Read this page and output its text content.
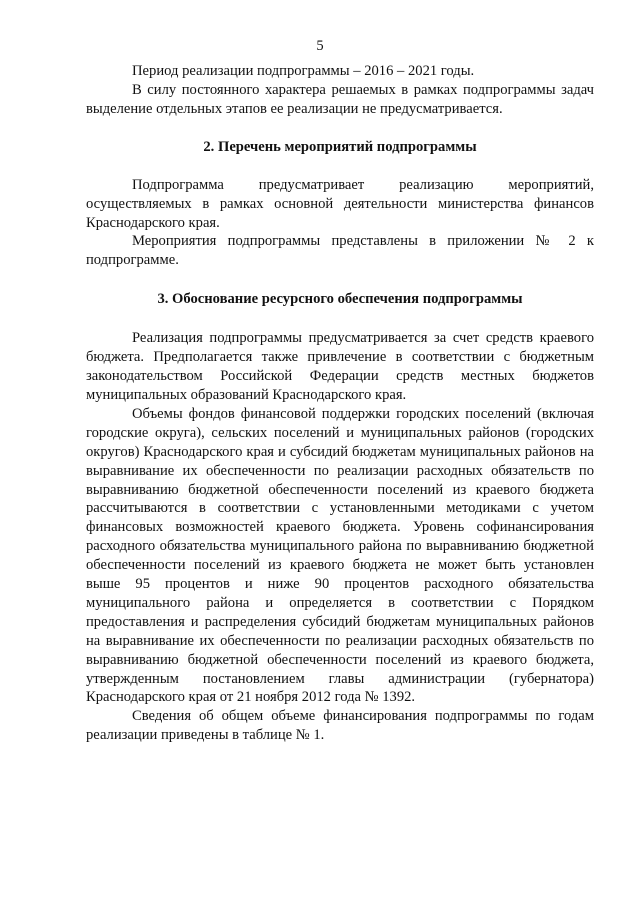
5

Период реализации подпрограммы – 2016 – 2021 годы.

В силу постоянного характера решаемых в рамках подпрограммы задач выделение отдельных этапов ее реализации не предусматривается.

2. Перечень мероприятий подпрограммы

Подпрограмма предусматривает реализацию мероприятий, осуществляемых в рамках основной деятельности министерства финансов Краснодарского края.

Мероприятия подпрограммы представлены в приложении № 2 к подпрограмме.

3. Обоснование ресурсного обеспечения подпрограммы

Реализация подпрограммы предусматривается за счет средств краевого бюджета. Предполагается также привлечение в соответствии с бюджетным законодательством Российской Федерации средств местных бюджетов муниципальных образований Краснодарского края.

Объемы фондов финансовой поддержки городских поселений (включая городские округа), сельских поселений и муниципальных районов (городских округов) Краснодарского края и субсидий бюджетам муниципальных районов на выравнивание их обеспеченности по реализации расходных обязательств по выравниванию бюджетной обеспеченности поселений из краевого бюджета рассчитываются в соответствии с установленными методиками с учетом финансовых возможностей краевого бюджета. Уровень софинансирования расходного обязательства муниципального района по выравниванию бюджетной обеспеченности поселений из краевого бюджета не может быть установлен выше 95 процентов и ниже 90 процентов расходного обязательства муниципального района и определяется в соответствии с Порядком предоставления и распределения субсидий бюджетам муниципальных районов на выравнивание их обеспеченности по реализации расходных обязательств по выравниванию бюджетной обеспеченности поселений из краевого бюджета, утвержденным постановлением главы администрации (губернатора) Краснодарского края от 21 ноября 2012 года № 1392.

Сведения об общем объеме финансирования подпрограммы по годам реализации приведены в таблице № 1.
